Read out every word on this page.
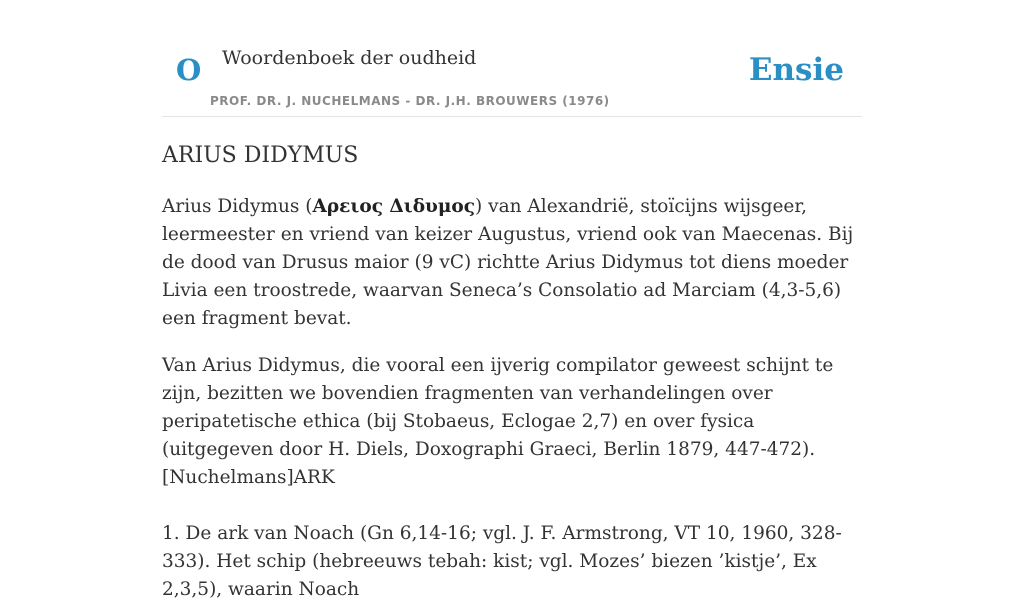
O Woordenboek der oudheid
PROF. DR. J. NUCHELMANS - DR. J.H. BROUWERS (1976)
Ensie
ARIUS DIDYMUS

Arius Didymus (Αρειος Διδυμος) van Alexandrië, stoïcijns wijsgeer, leermeester en vriend van keizer Augustus, vriend ook van Maecenas. Bij de dood van Drusus maior (9 vC) richtte Arius Didymus tot diens moeder Livia een troostrede, waarvan Seneca’s Consolatio ad Marciam (4,3-5,6) een fragment bevat.

Van Arius Didymus, die vooral een ijverig compilator geweest schijnt te zijn, bezitten we bovendien fragmenten van verhandelingen over peripatetische ethica (bij Stobaeus, Eclogae 2,7) en over fysica (uitgegeven door H. Diels, Doxographi Graeci, Berlin 1879, 447-472). [Nuchelmans]ARK

1. De ark van Noach (Gn 6,14-16; vgl. J. F. Armstrong, VT 10, 1960, 328-333). Het schip (hebreeuws tebah: kist; vgl. Mozes’ biezen ’kistje’, Ex 2,3,5), waarin Noach
